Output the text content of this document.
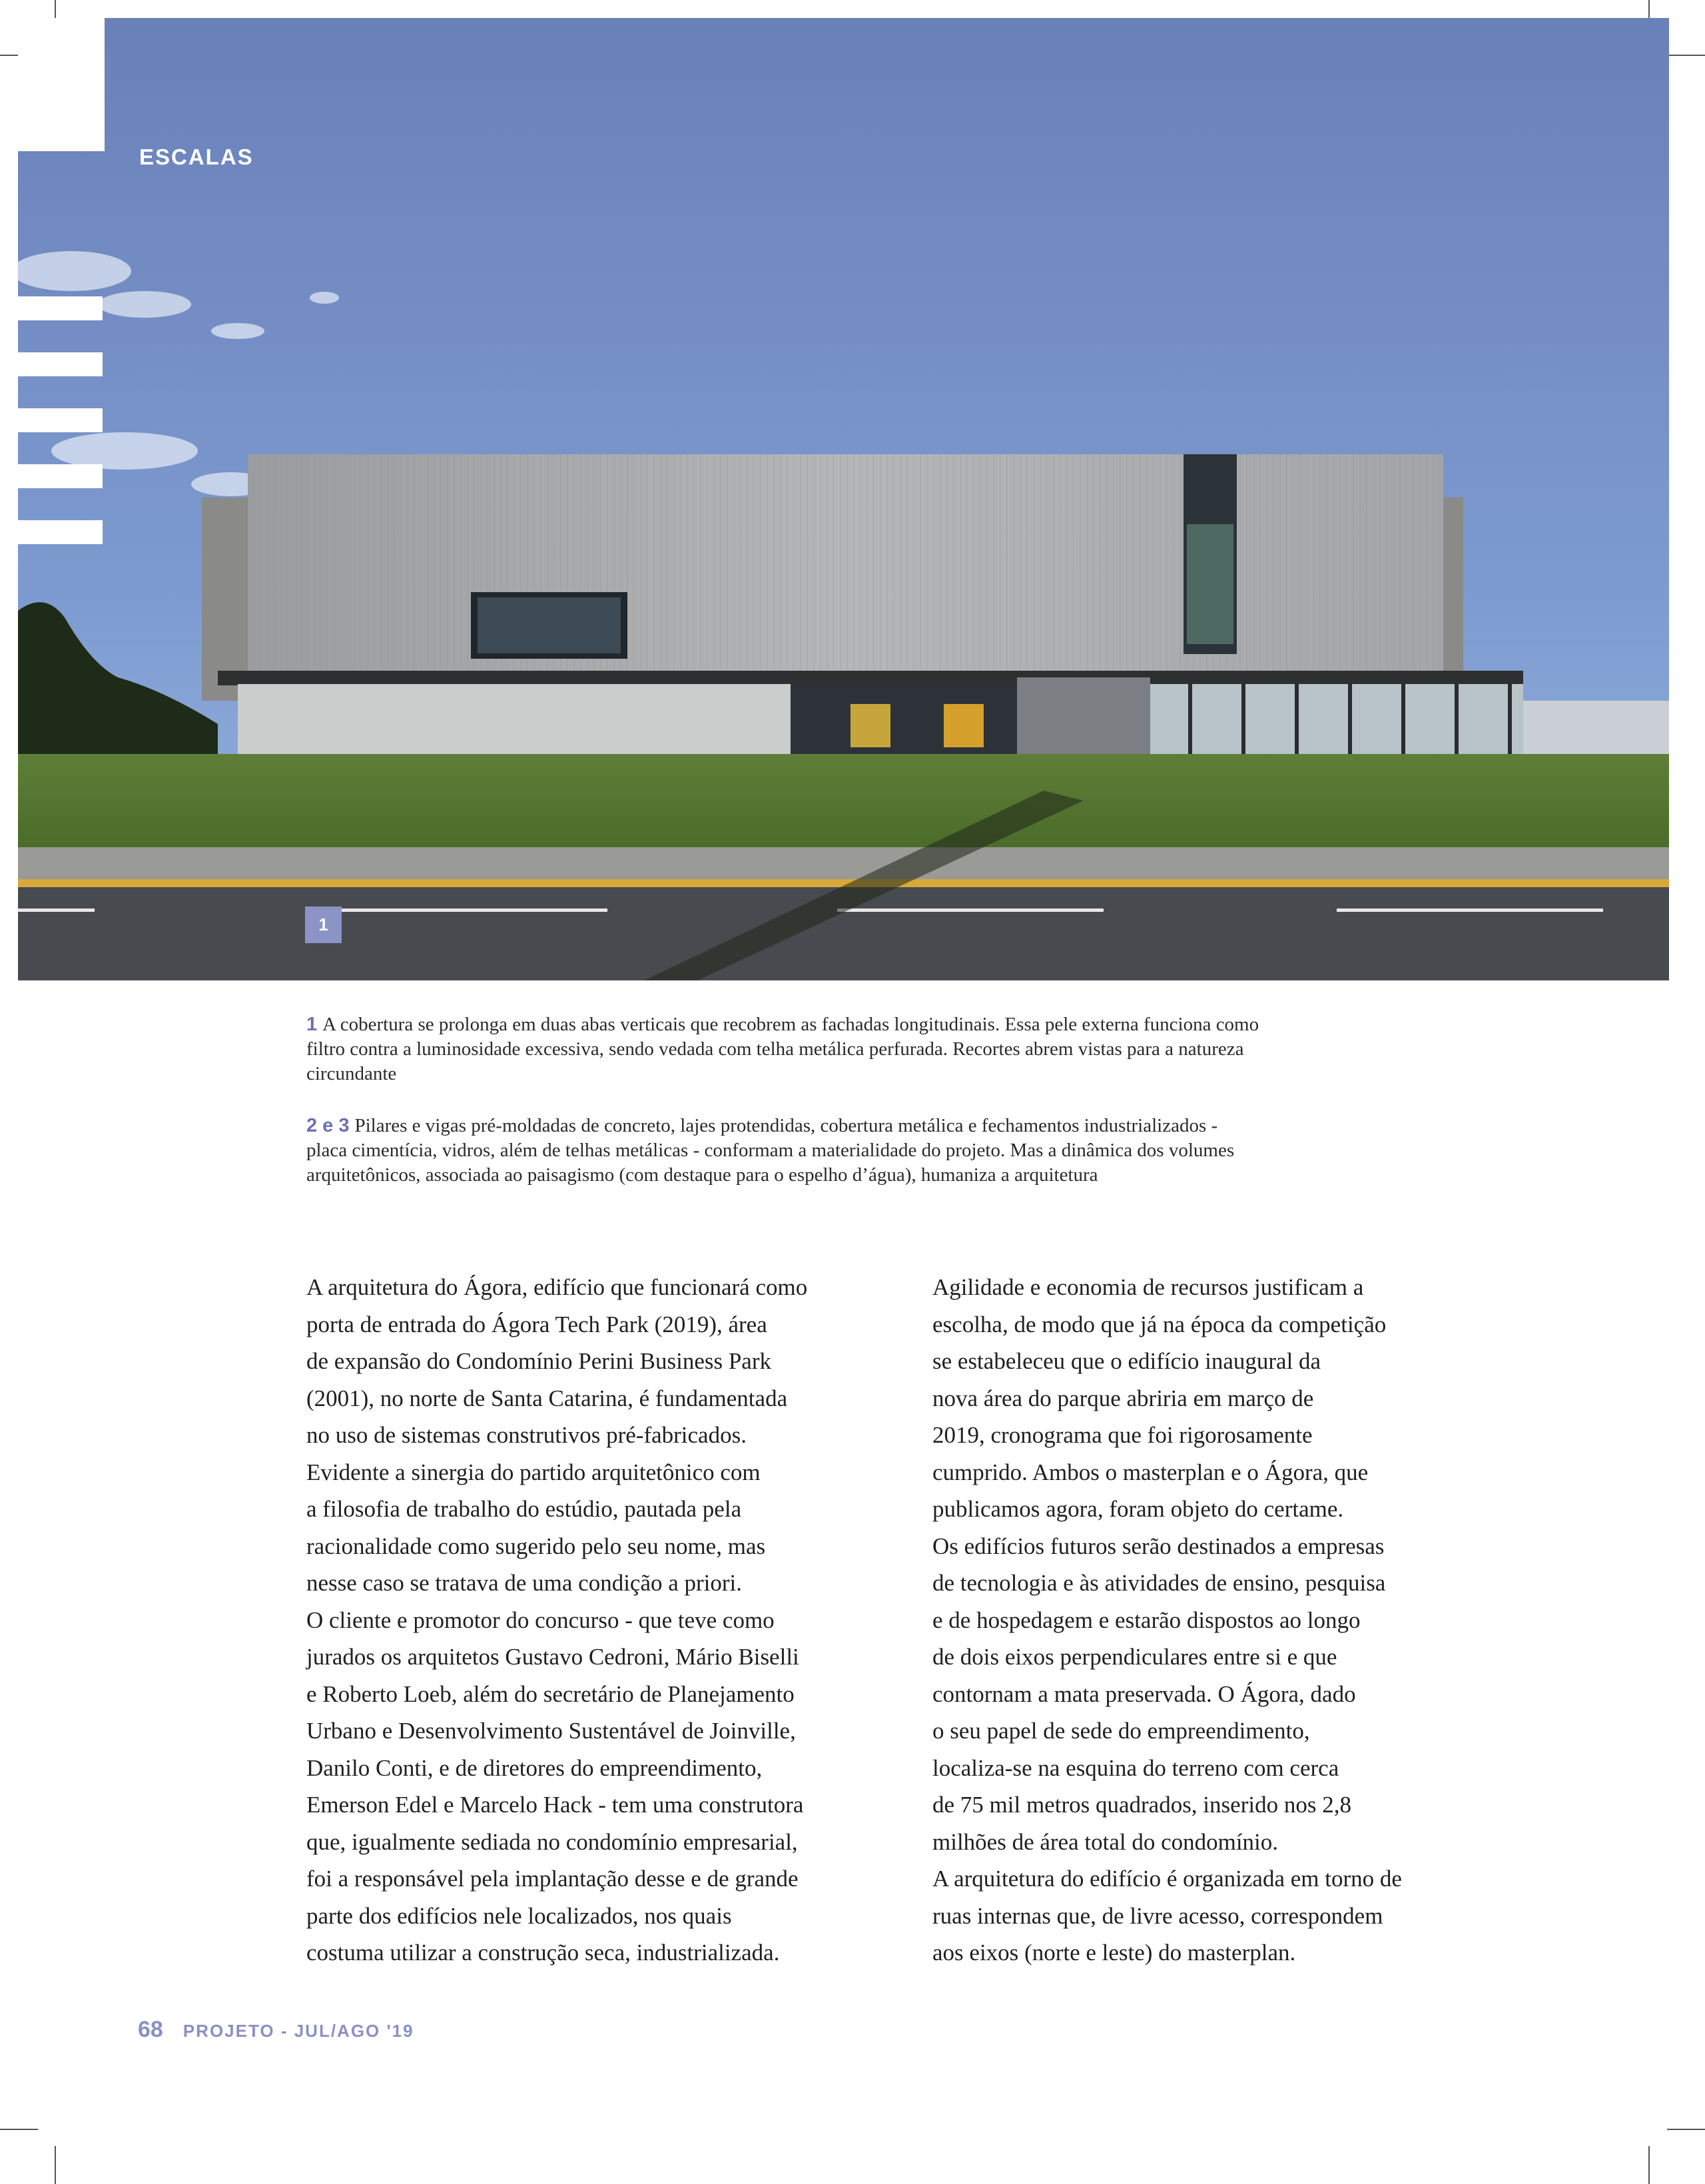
ESCALAS
1
1 A cobertura se prolonga em duas abas verticais que recobrem as fachadas longitudinais. Essa pele externa funciona como
filtro contra a luminosidade excessiva, sendo vedada com telha metálica perfurada. Recortes abrem vistas para a natureza
circundante
2 e 3 Pilares e vigas pré-moldadas de concreto, lajes protendidas, cobertura metálica e fechamentos industrializados -
placa cimentícia, vidros, além de telhas metálicas - conformam a materialidade do projeto. Mas a dinâmica dos volumes
arquitetônicos, associada ao paisagismo (com destaque para o espelho d’água), humaniza a arquitetura

A arquitetura do Ágora, edifício que funcionará como

porta de entrada do Ágora Tech Park (2019), área

de expansão do Condomínio Perini Business Park

(2001), no norte de Santa Catarina, é fundamentada

no uso de sistemas construtivos pré-fabricados.

Evidente a sinergia do partido arquitetônico com

a filosofia de trabalho do estúdio, pautada pela

racionalidade como sugerido pelo seu nome, mas

nesse caso se tratava de uma condição a priori.

O cliente e promotor do concurso - que teve como

jurados os arquitetos Gustavo Cedroni, Mário Biselli

e Roberto Loeb, além do secretário de Planejamento

Urbano e Desenvolvimento Sustentável de Joinville,

Danilo Conti, e de diretores do empreendimento,

Emerson Edel e Marcelo Hack - tem uma construtora

que, igualmente sediada no condomínio empresarial,

foi a responsável pela implantação desse e de grande

parte dos edifícios nele localizados, nos quais

costuma utilizar a construção seca, industrializada.

Agilidade e economia de recursos justificam a

escolha, de modo que já na época da competição

se estabeleceu que o edifício inaugural da

nova área do parque abriria em março de

2019, cronograma que foi rigorosamente

cumprido. Ambos o masterplan e o Ágora, que

publicamos agora, foram objeto do certame.

Os edifícios futuros serão destinados a empresas

de tecnologia e às atividades de ensino, pesquisa

e de hospedagem e estarão dispostos ao longo

de dois eixos perpendiculares entre si e que

contornam a mata preservada. O Ágora, dado

o seu papel de sede do empreendimento,

localiza-se na esquina do terreno com cerca

de 75 mil metros quadrados, inserido nos 2,8

milhões de área total do condomínio.

A arquitetura do edifício é organizada em torno de

ruas internas que, de livre acesso, correspondem

aos eixos (norte e leste) do masterplan.

68 PROJETO - JUL/AGO '19
